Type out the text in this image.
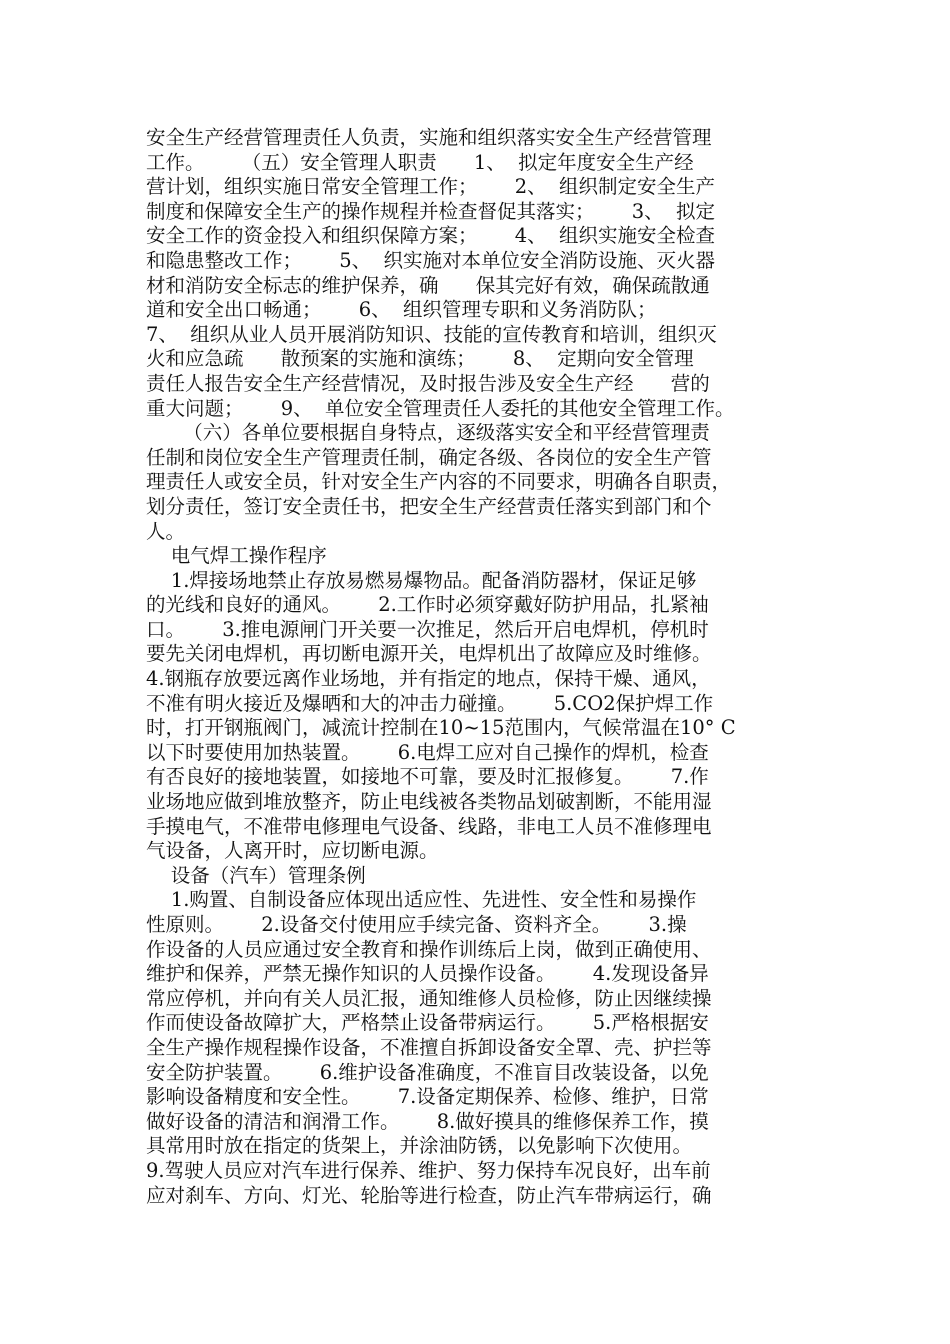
安全生产经营管理责任人负责，实施和组织落实安全生产经营管理
工作。      （五）安全管理人职责      1、  拟定年度安全生产经
营计划，组织实施日常安全管理工作；      2、  组织制定安全生产
制度和保障安全生产的操作规程并检查督促其落实；      3、  拟定
安全工作的资金投入和组织保障方案；      4、  组织实施安全检查
和隐患整改工作；      5、  织实施对本单位安全消防设施、灭火器
材和消防安全标志的维护保养，确      保其完好有效，确保疏散通
道和安全出口畅通；      6、  组织管理专职和义务消防队；
7、  组织从业人员开展消防知识、技能的宣传教育和培训，组织灭
火和应急疏      散预案的实施和演练；      8、  定期向安全管理
责任人报告安全生产经营情况，及时报告涉及安全生产经      营的
重大问题；      9、  单位安全管理责任人委托的其他安全管理工作。
（六）各单位要根据自身特点，逐级落实安全和平经营管理责
任制和岗位安全生产管理责任制，确定各级、各岗位的安全生产管
理责任人或安全员，针对安全生产内容的不同要求，明确各自职责，
划分责任，签订安全责任书，把安全生产经营责任落实到部门和个
人。
电气焊工操作程序
1.焊接场地禁止存放易燃易爆物品。配备消防器材，保证足够
的光线和良好的通风。      2.工作时必须穿戴好防护用品，扎紧袖
口。      3.推电源闸门开关要一次推足，然后开启电焊机，停机时
要先关闭电焊机，再切断电源开关，电焊机出了故障应及时维修。
4.钢瓶存放要远离作业场地，并有指定的地点，保持干燥、通风，
不准有明火接近及爆晒和大的冲击力碰撞。      5.CO2保护焊工作
时，打开钢瓶阀门，减流计控制在10~15范围内，气候常温在10° C
以下时要使用加热装置。      6.电焊工应对自己操作的焊机，检查
有否良好的接地装置，如接地不可靠，要及时汇报修复。      7.作
业场地应做到堆放整齐，防止电线被各类物品划破割断，不能用湿
手摸电气，不准带电修理电气设备、线路，非电工人员不准修理电
气设备，人离开时，应切断电源。
设备（汽车）管理条例
1.购置、自制设备应体现出适应性、先进性、安全性和易操作
性原则。      2.设备交付使用应手续完备、资料齐全。      3.操
作设备的人员应通过安全教育和操作训练后上岗，做到正确使用、
维护和保养，严禁无操作知识的人员操作设备。      4.发现设备异
常应停机，并向有关人员汇报，通知维修人员检修，防止因继续操
作而使设备故障扩大，严格禁止设备带病运行。      5.严格根据安
全生产操作规程操作设备，不准擅自拆卸设备安全罩、壳、护拦等
安全防护装置。      6.维护设备准确度，不准盲目改装设备，以免
影响设备精度和安全性。      7.设备定期保养、检修、维护，日常
做好设备的清洁和润滑工作。      8.做好摸具的维修保养工作，摸
具常用时放在指定的货架上，并涂油防锈，以免影响下次使用。
9.驾驶人员应对汽车进行保养、维护、努力保持车况良好，出车前
应对刹车、方向、灯光、轮胎等进行检查，防止汽车带病运行，确
